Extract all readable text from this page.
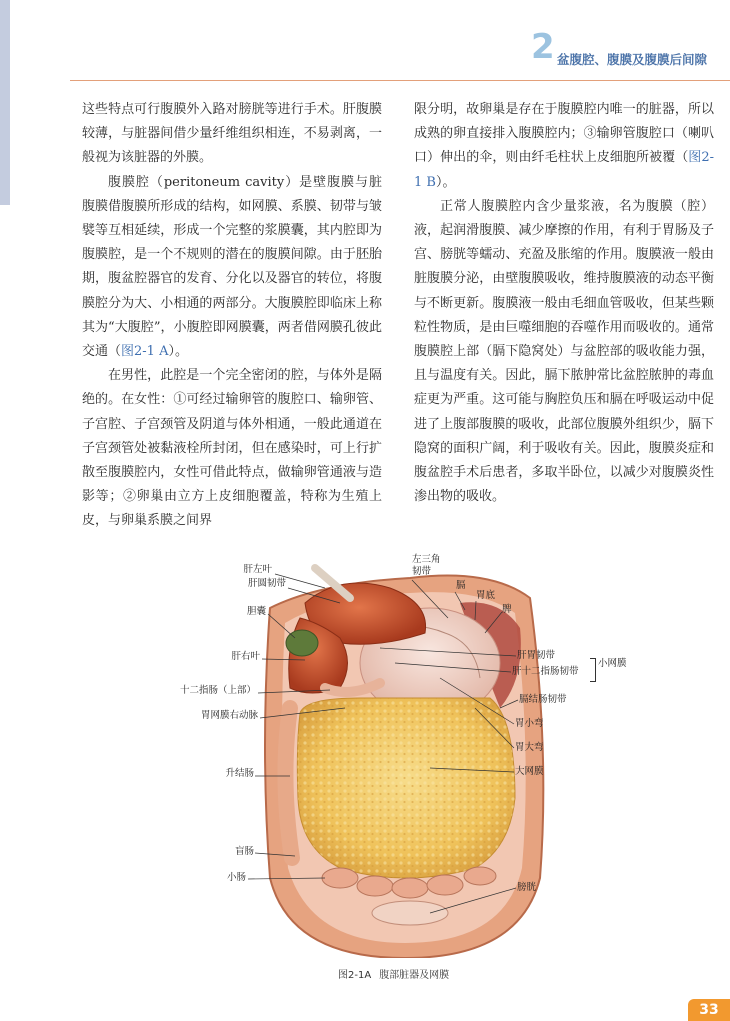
2 盆腹腔、腹膜及腹膜后间隙

这些特点可行腹膜外入路对膀胱等进行手术。肝腹膜较薄，与脏器间借少量纤维组织相连，不易剥离，一般视为该脏器的外膜。

腹膜腔（peritoneum cavity）是壁腹膜与脏腹膜借腹膜所形成的结构，如网膜、系膜、韧带与皱襞等互相延续，形成一个完整的浆膜囊，其内腔即为腹膜腔，是一个不规则的潜在的腹膜间隙。由于胚胎期，腹盆腔器官的发育、分化以及器官的转位，将腹膜腔分为大、小相通的两部分。大腹膜腔即临床上称其为“大腹腔”，小腹腔即网膜囊，两者借网膜孔彼此交通（图2-1 A）。

在男性，此腔是一个完全密闭的腔，与体外是隔绝的。在女性：①可经过输卵管的腹腔口、输卵管、子宫腔、子宫颈管及阴道与体外相通，一般此通道在子宫颈管处被黏液栓所封闭，但在感染时，可上行扩散至腹膜腔内，女性可借此特点，做输卵管通液与造影等；②卵巢由立方上皮细胞覆盖，特称为生殖上皮，与卵巢系膜之间界

限分明，故卵巢是存在于腹膜腔内唯一的脏器，所以成熟的卵直接排入腹膜腔内；③输卵管腹腔口（喇叭口）伸出的伞，则由纤毛柱状上皮细胞所被覆（图2-1 B）。

正常人腹膜腔内含少量浆液，名为腹膜（腔）液，起润滑腹膜、减少摩擦的作用，有利于胃肠及子宫、膀胱等蠕动、充盈及胀缩的作用。腹膜液一般由脏腹膜分泌，由壁腹膜吸收，维持腹膜液的动态平衡与不断更新。腹膜液一般由毛细血管吸收，但某些颗粒性物质，是由巨噬细胞的吞噬作用而吸收的。通常腹膜腔上部（膈下隐窝处）与盆腔部的吸收能力强，且与温度有关。因此，膈下脓肿常比盆腔脓肿的毒血症更为严重。这可能与胸腔负压和膈在呼吸运动中促进了上腹部腹膜的吸收，此部位腹膜外组织少，膈下隐窝的面积广阔，利于吸收有关。因此，腹膜炎症和腹盆腔手术后患者，多取半卧位，以减少对腹膜炎性渗出物的吸收。

肝左叶
肝圆韧带
胆囊
肝右叶
十二指肠（上部）
胃网膜右动脉
升结肠
盲肠
小肠
左三角
韧带
膈
胃底
脾
肝胃韧带
肝十二指肠韧带
小网膜
膈结肠韧带
胃小弯
胃大弯
大网膜
膀胱
图2-1A 腹部脏器及网膜
33
